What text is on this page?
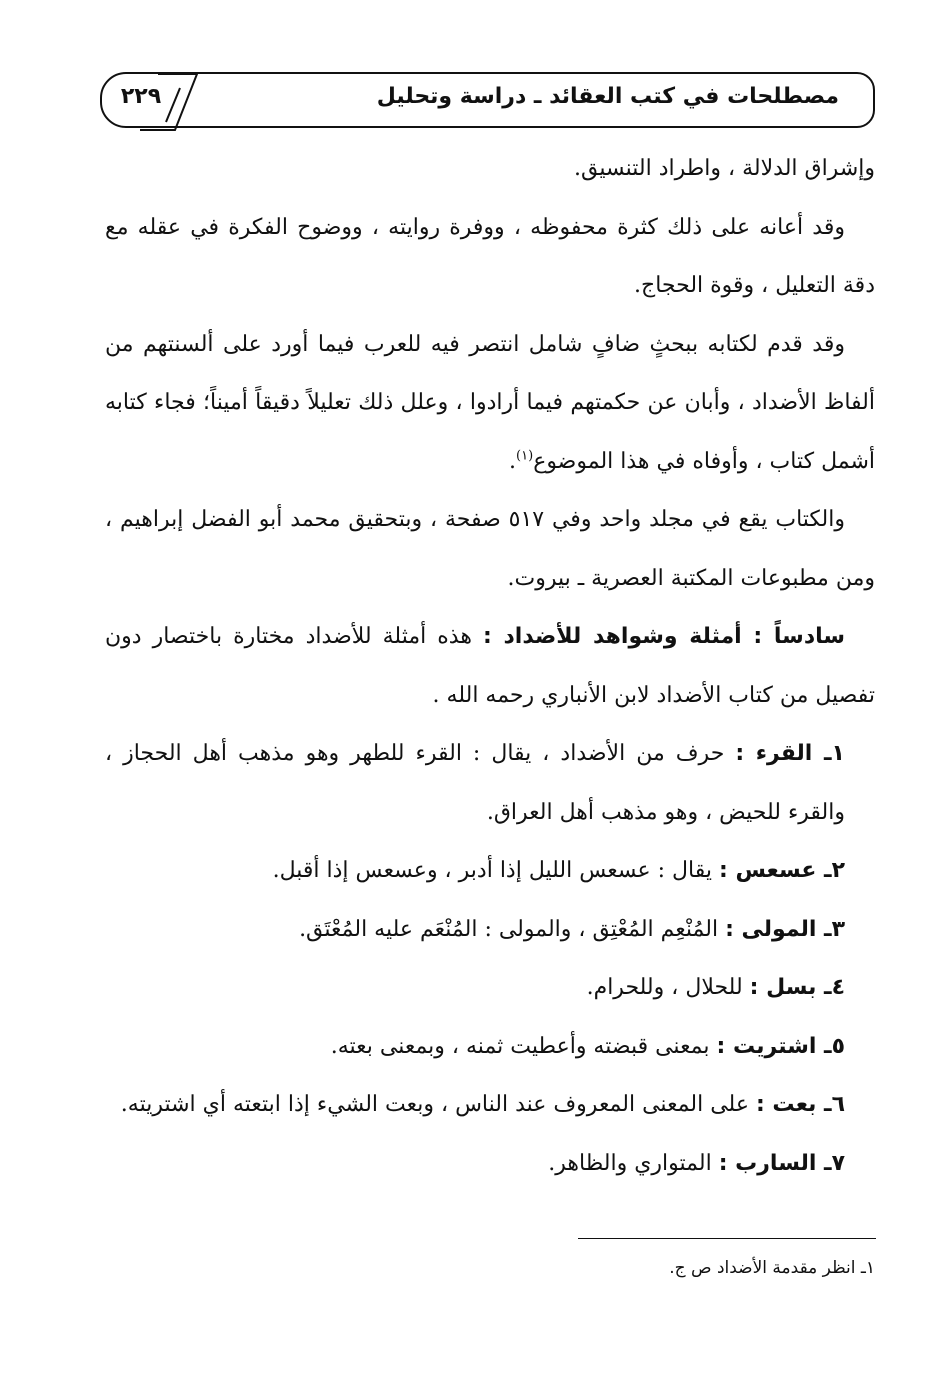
مصطلحات في كتب العقائد ـ دراسة وتحليل
٢٢٩

وإشراق الدلالة ، واطراد التنسيق.

وقد أعانه على ذلك كثرة محفوظه ، ووفرة روايته ، ووضوح الفكرة في عقله مع دقة التعليل ، وقوة الحجاج.

وقد قدم لكتابه ببحثٍ ضافٍ شامل انتصر فيه للعرب فيما أورد على ألسنتهم من ألفاظ الأضداد ، وأبان عن حكمتهم فيما أرادوا ، وعلل ذلك تعليلاً دقيقاً أميناً؛ فجاء كتابه أشمل كتاب ، وأوفاه في هذا الموضوع$^{(١)}$.

والكتاب يقع في مجلد واحد وفي ٥١٧ صفحة ، وبتحقيق محمد أبو الفضل إبراهيم ، ومن مطبوعات المكتبة العصرية ـ بيروت.

سادساً : أمثلة وشواهد للأضداد : هذه أمثلة للأضداد مختارة باختصار دون تفصيل من كتاب الأضداد لابن الأنباري رحمه الله .

١ـ القرء : حرف من الأضداد ، يقال : القرء للطهر وهو مذهب أهل الحجاز ، والقرء للحيض ، وهو مذهب أهل العراق.

٢ـ عسعس : يقال : عسعس الليل إذا أدبر ، وعسعس إذا أقبل.

٣ـ المولى : المُنْعِم المُعْتِق ، والمولى : المُنْعَم عليه المُعْتَق.

٤ـ بسل : للحلال ، وللحرام.

٥ـ اشتريت : بمعنى قبضته وأعطيت ثمنه ، وبمعنى بعته.

٦ـ بعت : على المعنى المعروف عند الناس ، وبعت الشيء إذا ابتعته أي اشتريته.

٧ـ السارب : المتواري والظاهر.

١ـ انظر مقدمة الأضداد ص ج.
